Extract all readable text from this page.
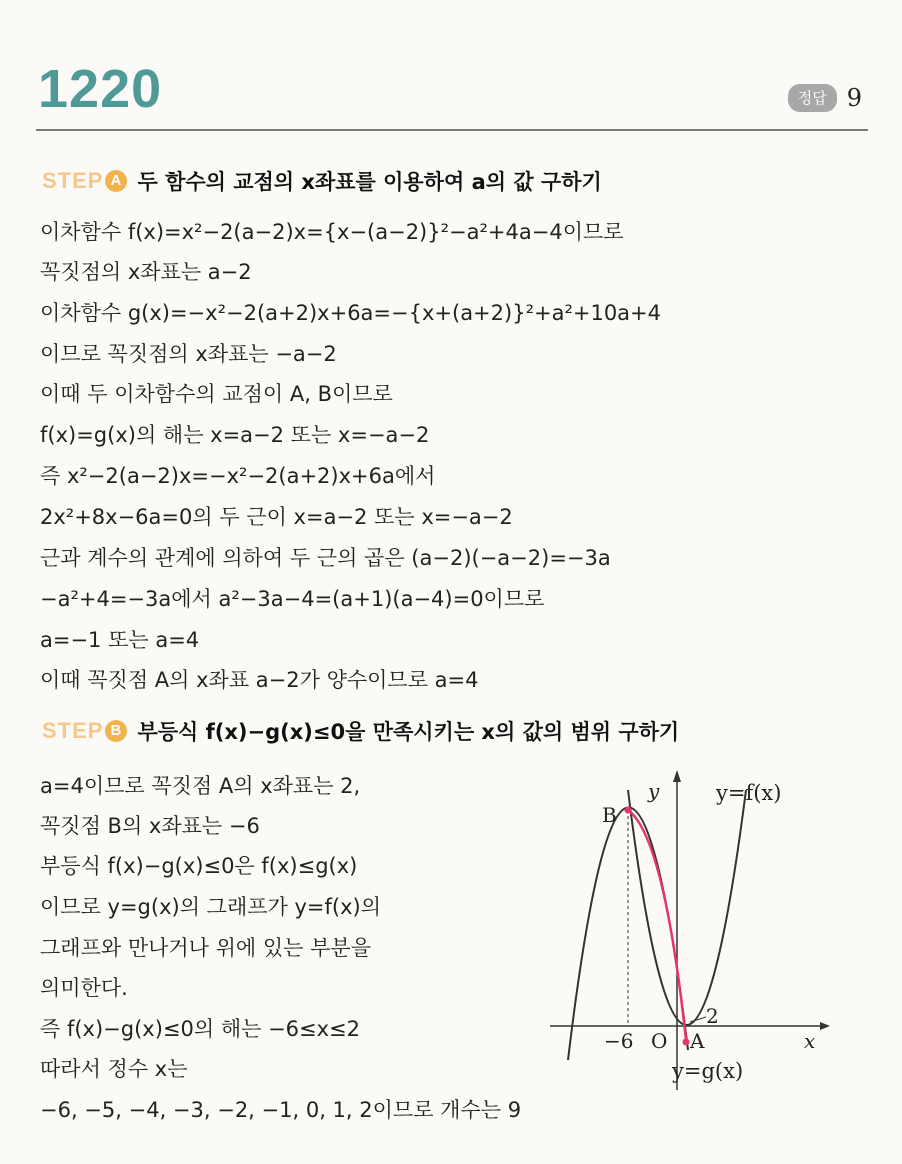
1220	정답 9
STEP A 두 함수의 교점의 x좌표를 이용하여 a의 값 구하기
이차함수 f(x)=x²−2(a−2)x={x−(a−2)}²−a²+4a−4이므로
꼭짓점의 x좌표는 a−2
이차함수 g(x)=−x²−2(a+2)x+6a=−{x+(a+2)}²+a²+10a+4
이므로 꼭짓점의 x좌표는 −a−2
이때 두 이차함수의 교점이 A, B이므로
f(x)=g(x)의 해는 x=a−2 또는 x=−a−2
즉 x²−2(a−2)x=−x²−2(a+2)x+6a에서
2x²+8x−6a=0의 두 근이 x=a−2 또는 x=−a−2
근과 계수의 관계에 의하여 두 근의 곱은 (a−2)(−a−2)=−3a
−a²+4=−3a에서 a²−3a−4=(a+1)(a−4)=0이므로
a=−1 또는 a=4
이때 꼭짓점 A의 x좌표 a−2가 양수이므로 a=4
STEP B 부등식 f(x)−g(x)≤0을 만족시키는 x의 값의 범위 구하기
a=4이므로 꼭짓점 A의 x좌표는 2,
꼭짓점 B의 x좌표는 −6
부등식 f(x)−g(x)≤0은 f(x)≤g(x)
이므로 y=g(x)의 그래프가 y=f(x)의
그래프와 만나거나 위에 있는 부분을
의미한다.
즉 f(x)−g(x)≤0의 해는 −6≤x≤2
따라서 정수 x는
−6, −5, −4, −3, −2, −1, 0, 1, 2이므로 개수는 9
y	y=f(x)
B
−6 O A
2
x
y=g(x)
